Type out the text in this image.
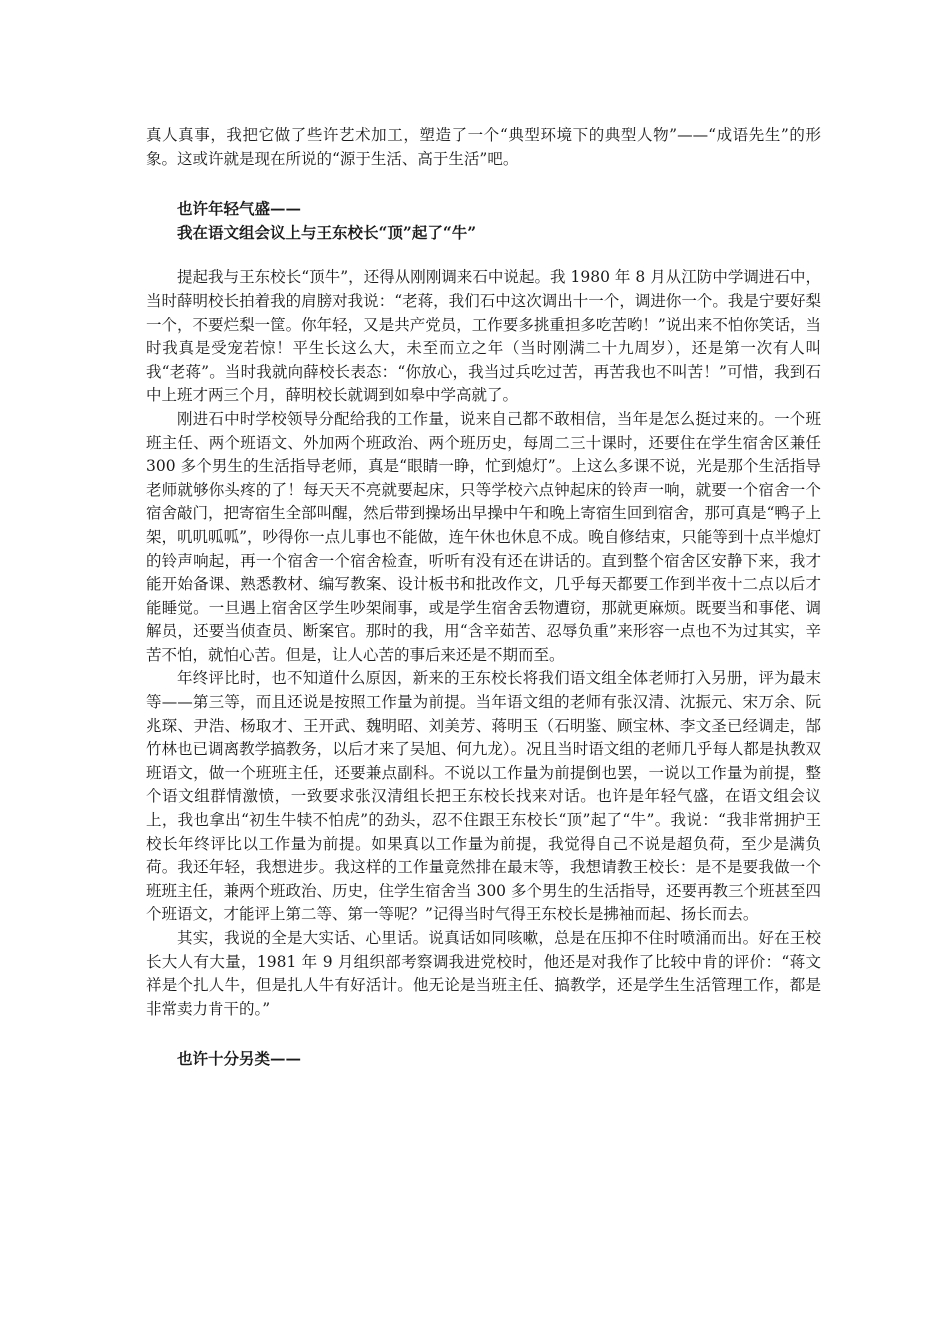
真人真事，我把它做了些许艺术加工，塑造了一个“典型环境下的典型人物”——“成语先生”的形象。这或许就是现在所说的“源于生活、高于生活”吧。

也许年轻气盛——

我在语文组会议上与王东校长“顶”起了“牛”

提起我与王东校长“顶牛”，还得从刚刚调来石中说起。我 1980 年 8 月从江防中学调进石中，当时薛明校长拍着我的肩膀对我说：“老蒋，我们石中这次调出十一个，调进你一个。我是宁要好梨一个，不要烂梨一筐。你年轻，又是共产党员，工作要多挑重担多吃苦哟！”说出来不怕你笑话，当时我真是受宠若惊！平生长这么大，未至而立之年（当时刚满二十九周岁），还是第一次有人叫我“老蒋”。当时我就向薛校长表态：“你放心，我当过兵吃过苦，再苦我也不叫苦！”可惜，我到石中上班才两三个月，薛明校长就调到如皋中学高就了。

刚进石中时学校领导分配给我的工作量，说来自己都不敢相信，当年是怎么挺过来的。一个班班主任、两个班语文、外加两个班政治、两个班历史，每周二三十课时，还要住在学生宿舍区兼任 300 多个男生的生活指导老师，真是“眼睛一睁，忙到熄灯”。上这么多课不说，光是那个生活指导老师就够你头疼的了！每天天不亮就要起床，只等学校六点钟起床的铃声一响，就要一个宿舍一个宿舍敲门，把寄宿生全部叫醒，然后带到操场出早操中午和晚上寄宿生回到宿舍，那可真是“鸭子上架，叽叽呱呱”，吵得你一点儿事也不能做，连午休也休息不成。晚自修结束，只能等到十点半熄灯的铃声响起，再一个宿舍一个宿舍检查，听听有没有还在讲话的。直到整个宿舍区安静下来，我才能开始备课、熟悉教材、编写教案、设计板书和批改作文，几乎每天都要工作到半夜十二点以后才能睡觉。一旦遇上宿舍区学生吵架闹事，或是学生宿舍丢物遭窃，那就更麻烦。既要当和事佬、调解员，还要当侦查员、断案官。那时的我，用“含辛茹苦、忍辱负重”来形容一点也不为过其实，辛苦不怕，就怕心苦。但是，让人心苦的事后来还是不期而至。

年终评比时，也不知道什么原因，新来的王东校长将我们语文组全体老师打入另册，评为最末等——第三等，而且还说是按照工作量为前提。当年语文组的老师有张汉清、沈振元、宋万余、阮兆琛、尹浩、杨取才、王开武、魏明昭、刘美芳、蒋明玉（石明鉴、顾宝林、李文圣已经调走，郜竹林也已调离教学搞教务，以后才来了吴旭、何九龙）。况且当时语文组的老师几乎每人都是执教双班语文，做一个班班主任，还要兼点副科。不说以工作量为前提倒也罢，一说以工作量为前提，整个语文组群情激愤，一致要求张汉清组长把王东校长找来对话。也许是年轻气盛，在语文组会议上，我也拿出“初生牛犊不怕虎”的劲头，忍不住跟王东校长“顶”起了“牛”。我说：“我非常拥护王校长年终评比以工作量为前提。如果真以工作量为前提，我觉得自己不说是超负荷，至少是满负荷。我还年轻，我想进步。我这样的工作量竟然排在最末等，我想请教王校长：是不是要我做一个班班主任，兼两个班政治、历史，住学生宿舍当 300 多个男生的生活指导，还要再教三个班甚至四个班语文，才能评上第二等、第一等呢？”记得当时气得王东校长是拂袖而起、扬长而去。

其实，我说的全是大实话、心里话。说真话如同咳嗽，总是在压抑不住时喷涌而出。好在王校长大人有大量，1981 年 9 月组织部考察调我进党校时，他还是对我作了比较中肯的评价：“蒋文祥是个扎人牛，但是扎人牛有好活计。他无论是当班主任、搞教学，还是学生生活管理工作，都是非常卖力肯干的。”

也许十分另类——
